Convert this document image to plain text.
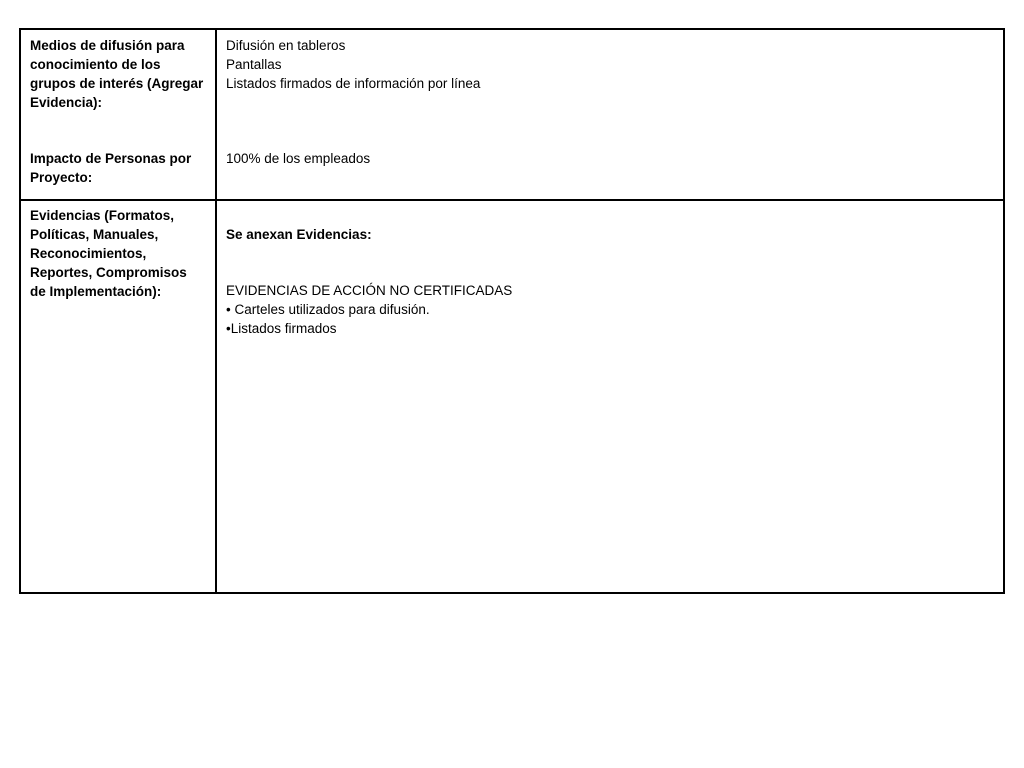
Medios de difusión para
conocimiento de los
grupos de interés (Agregar
Evidencia):
Difusión en tableros
Pantallas
Listados firmados de información por línea
Impacto de Personas por
Proyecto:
100% de los empleados
Evidencias (Formatos,
Políticas, Manuales,
Reconocimientos,
Reportes, Compromisos
de Implementación):
Se anexan Evidencias:
EVIDENCIAS DE ACCIÓN NO CERTIFICADAS
• Carteles utilizados para difusión.
•Listados firmados
